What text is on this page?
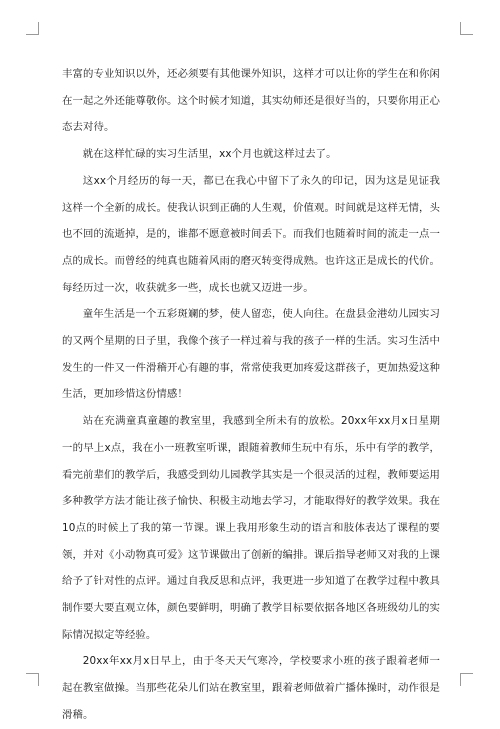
丰富的专业知识以外，还必须要有其他课外知识，这样才可以让你的学生在和你闲在一起之外还能尊敬你。这个时候才知道，其实幼师还是很好当的，只要你用正心态去对待。

就在这样忙碌的实习生活里，xx个月也就这样过去了。

这xx个月经历的每一天，都已在我心中留下了永久的印记，因为这是见证我这样一个全新的成长。使我认识到正确的人生观，价值观。时间就是这样无情，头也不回的流逝掉，是的，谁都不愿意被时间丢下。而我们也随着时间的流走一点一点的成长。而曾经的纯真也随着风雨的磨灭转变得成熟。也许这正是成长的代价。每经历过一次，收获就多一些，成长也就又迈进一步。

童年生活是一个五彩斑斓的梦，使人留恋，使人向往。在盘县金港幼儿园实习的又两个星期的日子里，我像个孩子一样过着与我的孩子一样的生活。实习生活中发生的一件又一件滑稽开心有趣的事，常常使我更加疼爱这群孩子，更加热爱这种生活，更加珍惜这份情感！

站在充满童真童趣的教室里，我感到全所未有的放松。20xx年xx月x日星期一的早上x点，我在小一班教室听课，跟随着教师生玩中有乐，乐中有学的教学，看完前辈们的教学后，我感受到幼儿园教学其实是一个很灵活的过程，教师要运用多种教学方法才能让孩子愉快、积极主动地去学习，才能取得好的教学效果。我在10点的时候上了我的第一节课。课上我用形象生动的语言和肢体表达了课程的要领，并对《小动物真可爱》这节课做出了创新的编排。课后指导老师又对我的上课给予了针对性的点评。通过自我反思和点评，我更进一步知道了在教学过程中教具制作要大要直观立体，颜色要鲜明，明确了教学目标要依据各地区各班级幼儿的实际情况拟定等经验。

20xx年xx月x日早上，由于冬天天气寒冷，学校要求小班的孩子跟着老师一起在教室做操。当那些花朵儿们站在教室里，跟着老师做着广播体操时，动作很是滑稽。
